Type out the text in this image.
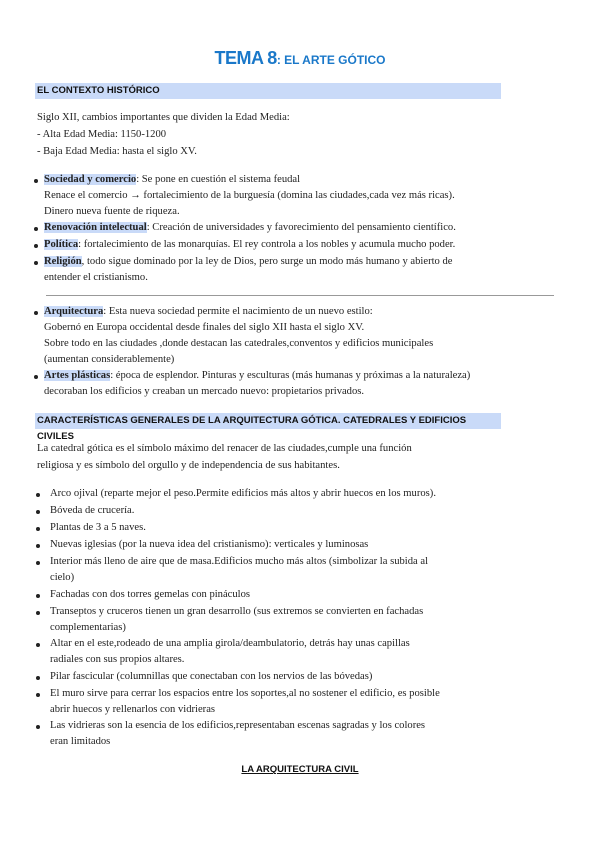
TEMA 8: EL ARTE GÓTICO
EL CONTEXTO HISTÓRICO
Siglo XII, cambios importantes que dividen la Edad Media:
- Alta Edad Media: 1150-1200
- Baja Edad Media: hasta el siglo XV.
Sociedad y comercio: Se pone en cuestión el sistema feudal
Renace el comercio → fortalecimiento de la burguesía (domina las ciudades,cada vez más ricas).
Dinero nueva fuente de riqueza.
Renovación intelectual: Creación de universidades y favorecimiento del pensamiento científico.
Política: fortalecimiento de las monarquías. El rey controla a los nobles y acumula mucho poder.
Religión, todo sigue dominado por la ley de Dios, pero surge un modo más humano y abierto de
entender el cristianismo.
Arquitectura: Esta nueva sociedad permite el nacimiento de un nuevo estilo:
Gobernó en Europa occidental desde finales del siglo XII hasta el siglo XV.
Sobre todo en las ciudades ,donde destacan las catedrales,conventos y edificios municipales
(aumentan considerablemente)
Artes plásticas: época de esplendor. Pinturas y esculturas (más humanas y próximas a la naturaleza)
decoraban los edificios y creaban un mercado nuevo: propietarios privados.
CARACTERÍSTICAS GENERALES DE LA ARQUITECTURA GÓTICA. CATEDRALES Y EDIFICIOS CIVILES
La catedral gótica es el símbolo máximo del renacer de las ciudades,cumple una función
religiosa y es símbolo del orgullo y de independencia de sus habitantes.
Arco ojival (reparte mejor el peso.Permite edificios más altos y abrir huecos en los muros).
Bóveda de crucería.
Plantas de 3 a 5 naves.
Nuevas iglesias (por la nueva idea del cristianismo): verticales y luminosas
Interior más lleno de aire que de masa.Edificios mucho más altos (simbolizar la subida al
cielo)
Fachadas con dos torres gemelas con pináculos
Transeptos y cruceros tienen un gran desarrollo (sus extremos se convierten en fachadas
complementarias)
Altar en el este,rodeado de una amplia girola/deambulatorio, detrás hay unas capillas
radiales con sus propios altares.
Pilar fascicular (columnillas que conectaban con los nervios de las bóvedas)
El muro sirve para cerrar los espacios entre los soportes,al no sostener el edificio, es posible
abrir huecos y rellenarlos con vidrieras
Las vidrieras son la esencia de los edificios,representaban escenas sagradas y los colores
eran limitados
LA ARQUITECTURA CIVIL
